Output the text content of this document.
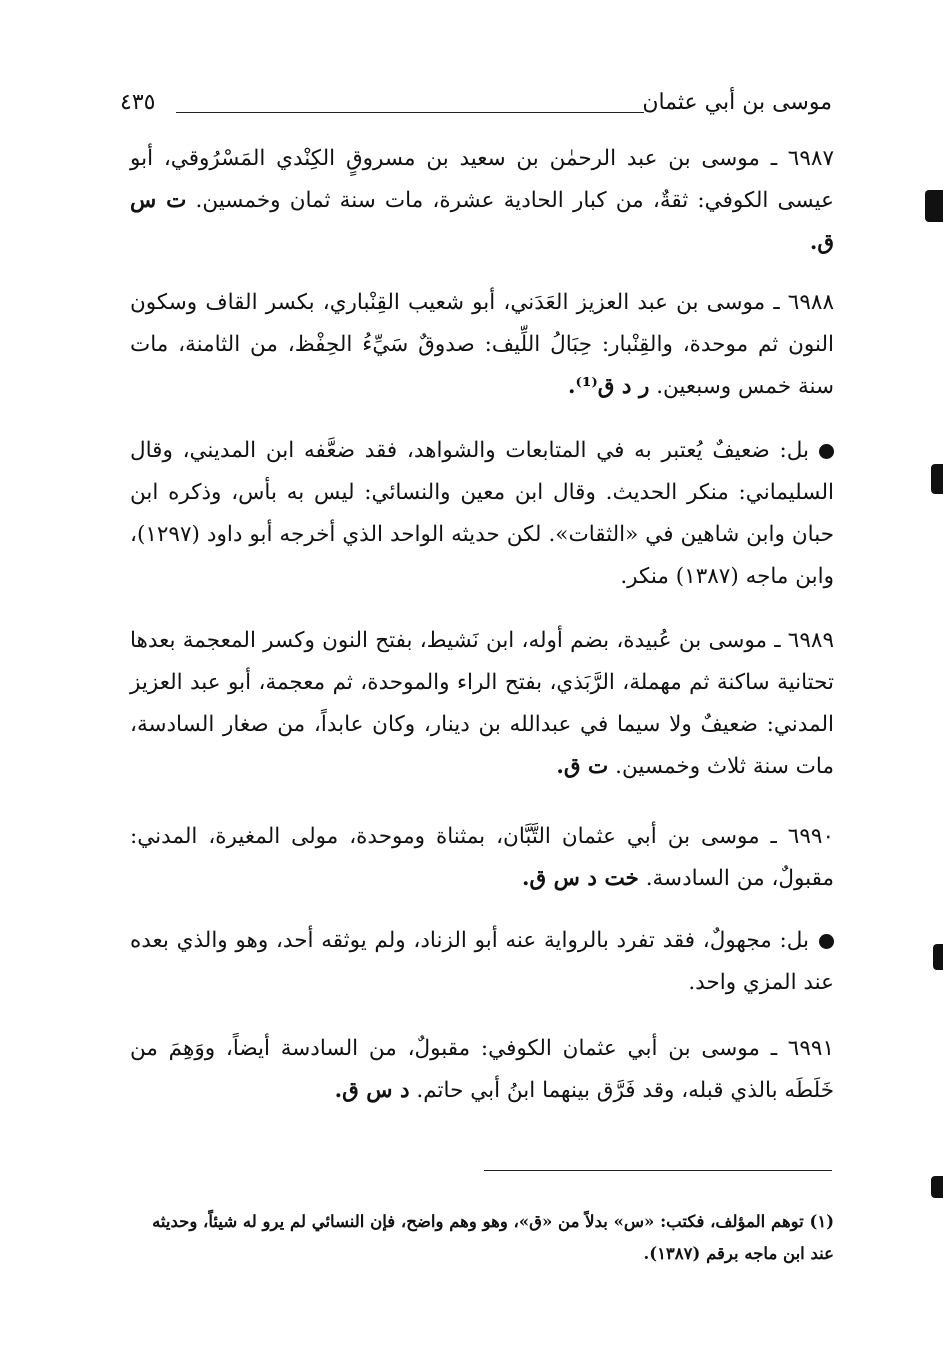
موسى بن أبي عثمان
٤٣٥

٦٩٨٧ ـ موسى بن عبد الرحمٰن بن سعيد بن مسروقٍ الكِنْدي المَسْرُوقي، أبو عيسى الكوفي: ثقةٌ، من كبار الحادية عشرة، مات سنة ثمان وخمسين. ت س ق.

٦٩٨٨ ـ موسى بن عبد العزيز العَدَني، أبو شعيب القِنْباري، بكسر القاف وسكون النون ثم موحدة، والقِنْبار: حِبَالُ اللِّيف: صدوقٌ سَيِّءُ الحِفْظ، من الثامنة، مات سنة خمس وسبعين. ر د ق⁽¹⁾.

بل: ضعيفٌ يُعتبر به في المتابعات والشواهد، فقد ضعَّفه ابن المديني، وقال السليماني: منكر الحديث. وقال ابن معين والنسائي: ليس به بأس، وذكره ابن حبان وابن شاهين في «الثقات». لكن حديثه الواحد الذي أخرجه أبو داود (١٢٩٧)، وابن ماجه (١٣٨٧) منكر.

٦٩٨٩ ـ موسى بن عُبيدة، بضم أوله، ابن نَشيط، بفتح النون وكسر المعجمة بعدها تحتانية ساكنة ثم مهملة، الرَّبَذي، بفتح الراء والموحدة، ثم معجمة، أبو عبد العزيز المدني: ضعيفٌ ولا سيما في عبدالله بن دينار، وكان عابداً، من صغار السادسة، مات سنة ثلاث وخمسين. ت ق.

٦٩٩٠ ـ موسى بن أبي عثمان التَّبَّان، بمثناة وموحدة، مولى المغيرة، المدني: مقبولٌ، من السادسة. خت د س ق.

بل: مجهولٌ، فقد تفرد بالرواية عنه أبو الزناد، ولم يوثقه أحد، وهو والذي بعده عند المزي واحد.

٦٩٩١ ـ موسى بن أبي عثمان الكوفي: مقبولٌ، من السادسة أيضاً، ووَهِمَ من خَلَطَه بالذي قبله، وقد فَرَّق بينهما ابنُ أبي حاتم. د س ق.

(١) توهم المؤلف، فكتب: «س» بدلاً من «ق»، وهو وهم واضح، فإن النسائي لم يرو له شيئاً، وحديثه عند ابن ماجه برقم (١٣٨٧).
